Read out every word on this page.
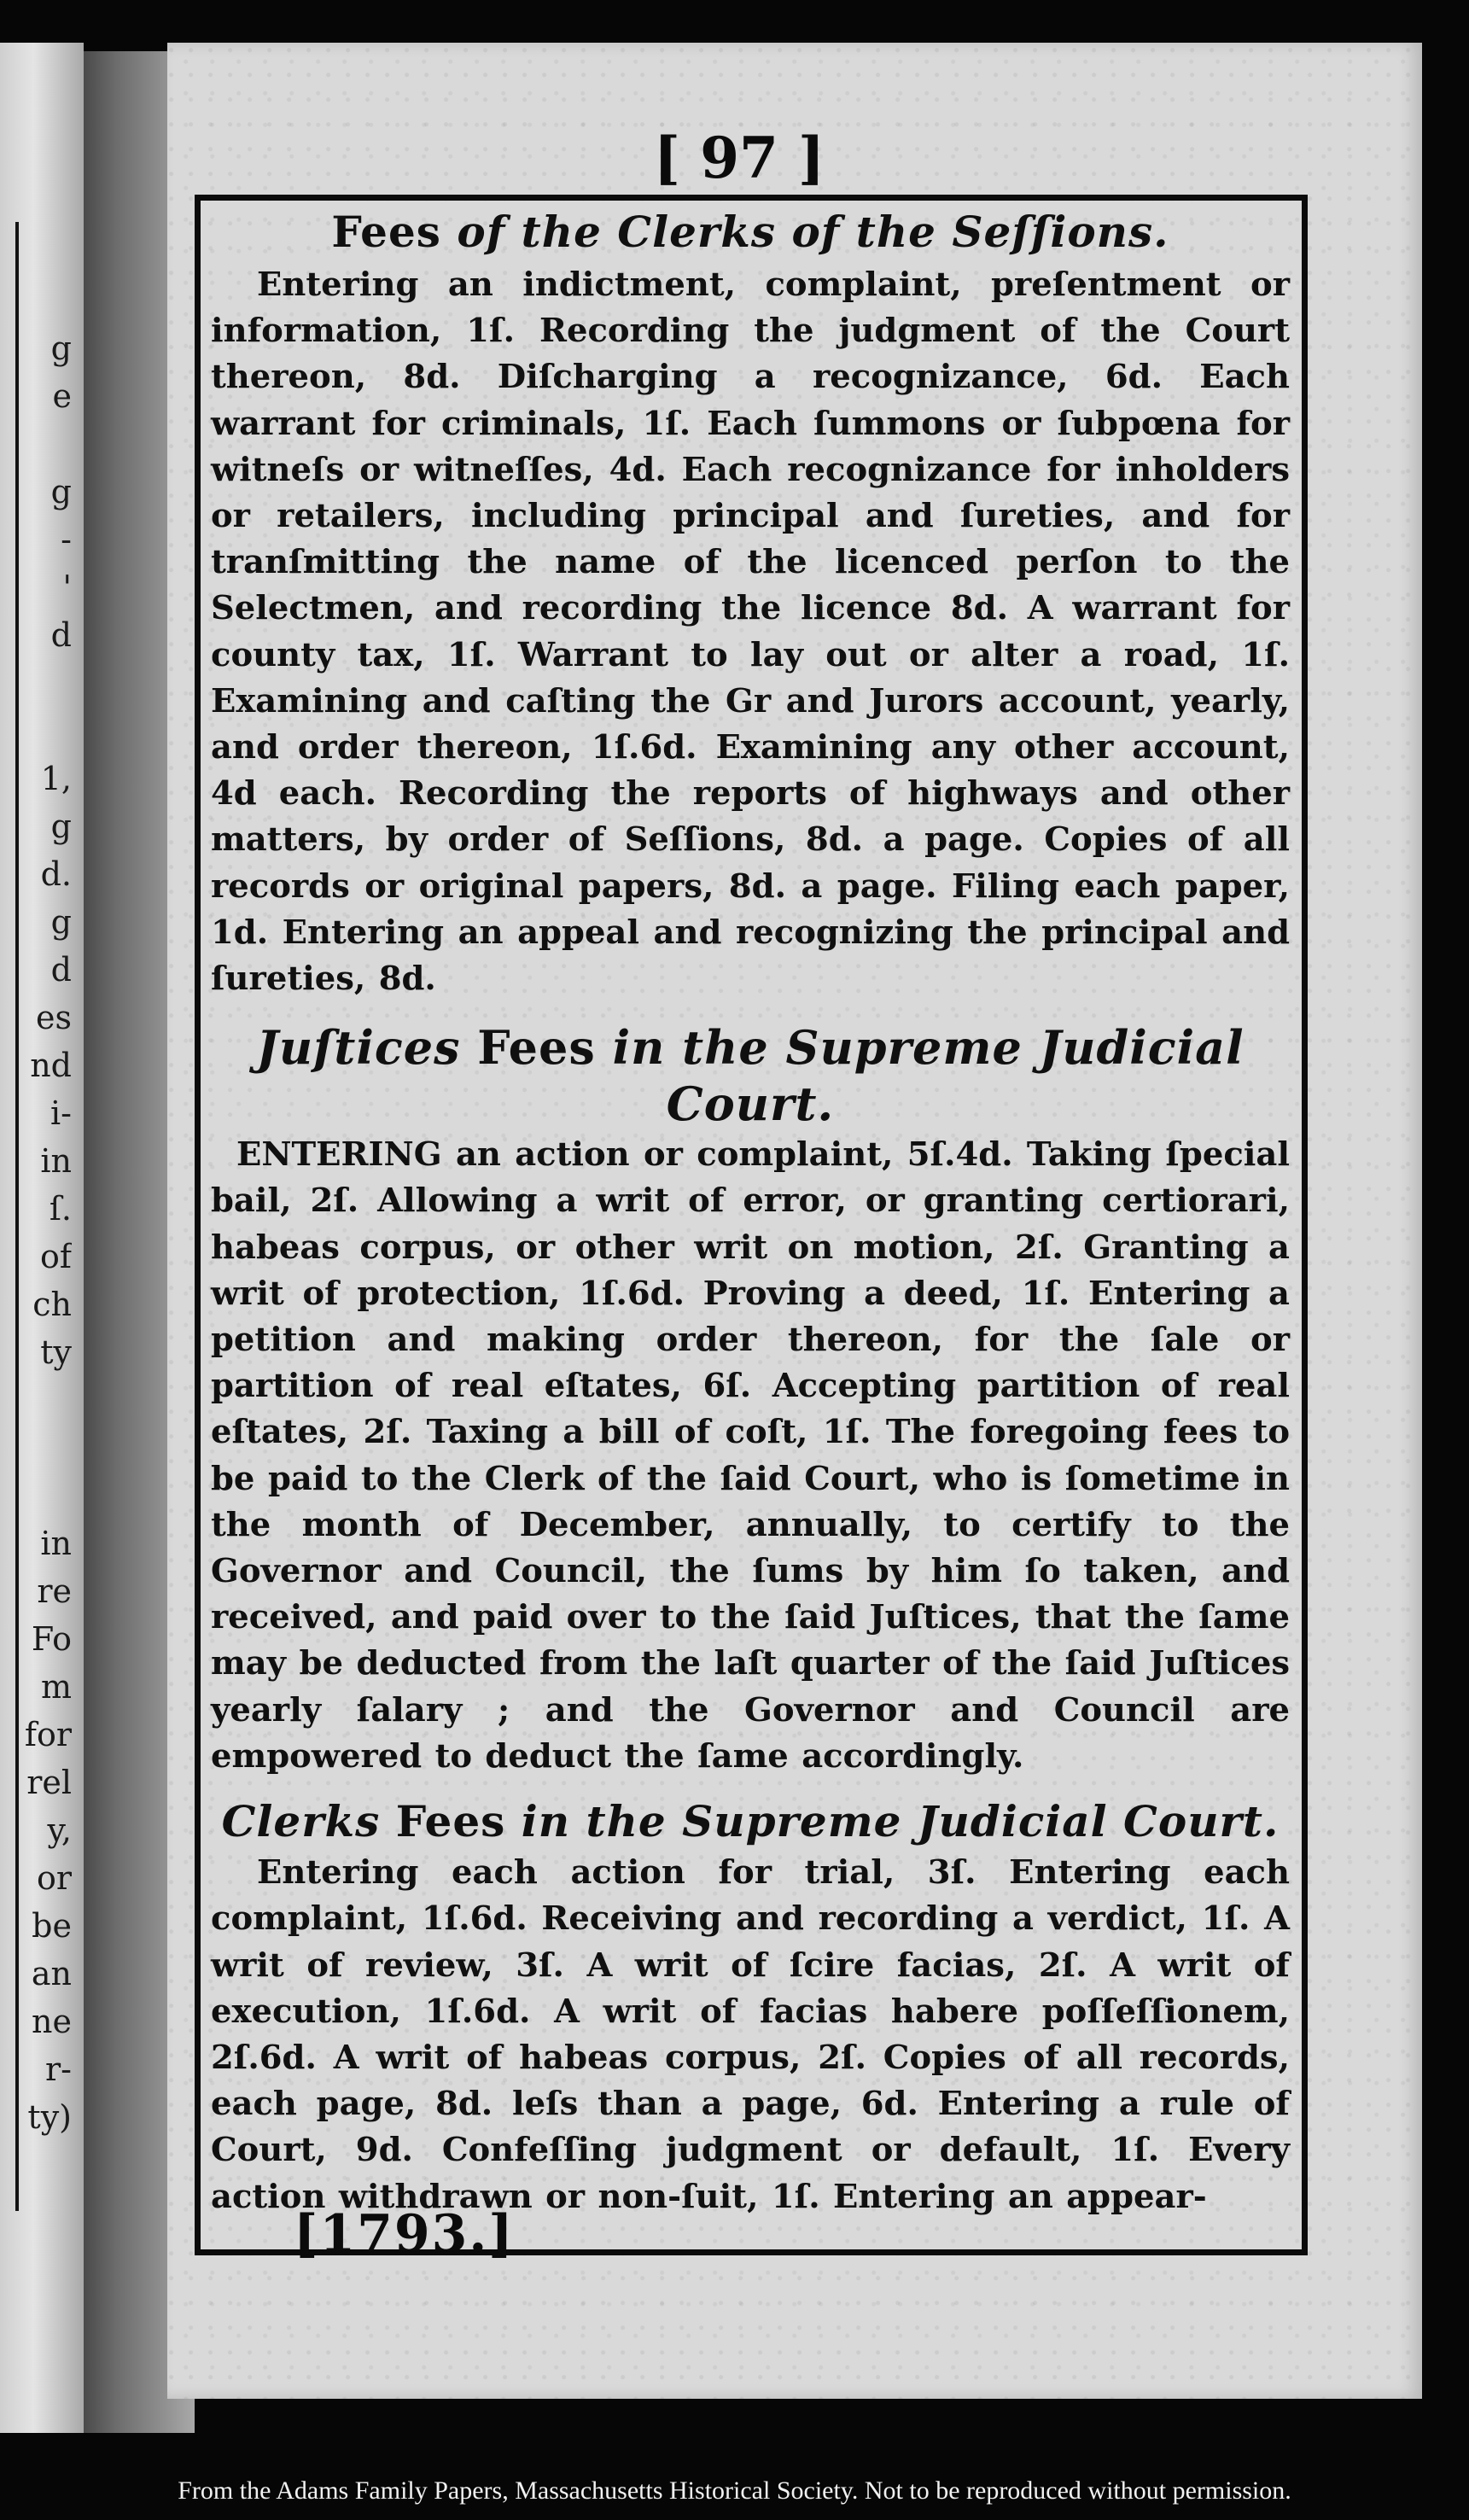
g
e
g
-
'
d
1,
g
d.
g
d
es
nd
i-
in
ſ.
of
ch
ty
in
re
Fo
m
for
rel
y,
or
be
an
ne
r-
ty)
[ 97 ]
Fees of the Clerks of the Seſſions.

Entering an indictment, complaint, preſentment or information, 1ſ. Recording the judgment of the Court thereon, 8d. Diſcharging a recognizance, 6d. Each warrant for criminals, 1ſ. Each ſummons or ſubpœna for witneſs or witneſſes, 4d. Each recognizance for inholders or retailers, including principal and ſureties, and for tranſmitting the name of the licenced perſon to the Selectmen, and recording the licence 8d. A warrant for county tax, 1ſ. Warrant to lay out or alter a road, 1ſ. Examining and caſting the Gr and Jurors account, yearly, and order thereon, 1ſ.6d. Examining any other account, 4d each. Recording the reports of highways and other matters, by order of Seſſions, 8d. a page. Copies of all records or original papers, 8d. a page. Filing each paper, 1d. Entering an appeal and recognizing the principal and ſureties, 8d.

Juſtices Fees in the Supreme Judicial Court.

ENTERING an action or complaint, 5ſ.4d. Taking ſpecial bail, 2ſ. Allowing a writ of error, or granting certiorari, habeas corpus, or other writ on motion, 2ſ. Granting a writ of protection, 1ſ.6d. Proving a deed, 1ſ. Entering a petition and making order thereon, for the ſale or partition of real eſtates, 6ſ. Accepting partition of real eſtates, 2ſ. Taxing a bill of coſt, 1ſ. The foregoing fees to be paid to the Clerk of the ſaid Court, who is ſometime in the month of December, annually, to certify to the Governor and Council, the ſums by him ſo taken, and received, and paid over to the ſaid Juſtices, that the ſame may be deducted from the laſt quarter of the ſaid Juſtices yearly ſalary ; and the Governor and Council are empowered to deduct the ſame accordingly.

Clerks Fees in the Supreme Judicial Court.

Entering each action for trial, 3ſ. Entering each complaint, 1ſ.6d. Receiving and recording a verdict, 1ſ. A writ of review, 3ſ. A writ of ſcire facias, 2ſ. A writ of execution, 1ſ.6d. A writ of facias habere poſſeſſionem, 2ſ.6d. A writ of habeas corpus, 2ſ. Copies of all records, each page, 8d. leſs than a page, 6d. Entering a rule of Court, 9d. Confeſſing judgment or default, 1ſ. Every action withdrawn or non-ſuit, 1ſ. Entering an appear-

[1793.]
From the Adams Family Papers, Massachusetts Historical Society. Not to be reproduced without permission.
